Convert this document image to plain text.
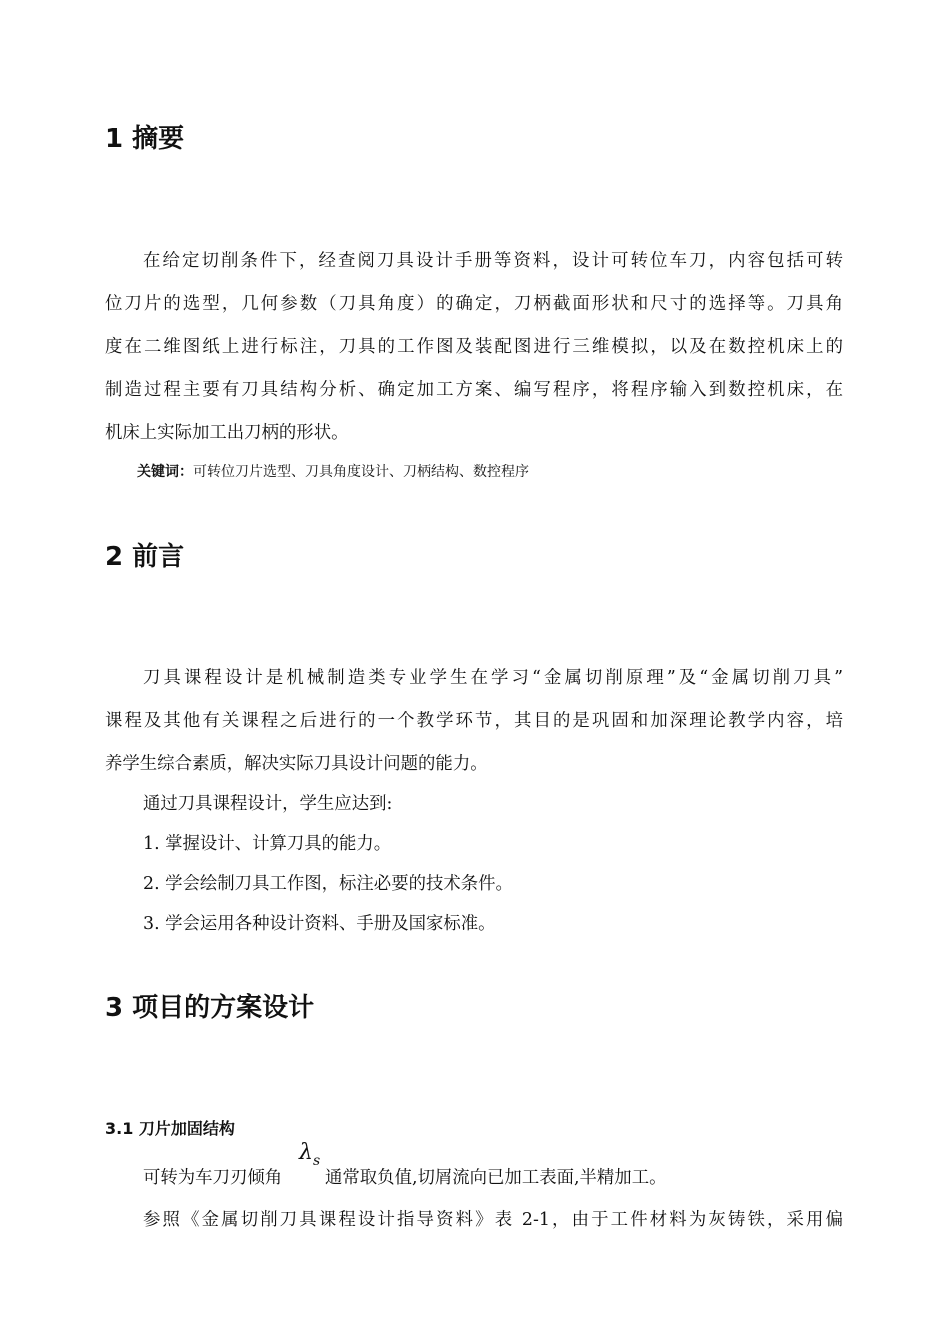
1 摘要
在给定切削条件下，经查阅刀具设计手册等资料，设计可转位车刀，内容包括可转
位刀片的选型，几何参数（刀具角度）的确定，刀柄截面形状和尺寸的选择等。刀具角
度在二维图纸上进行标注，刀具的工作图及装配图进行三维模拟，以及在数控机床上的
制造过程主要有刀具结构分析、确定加工方案、编写程序，将程序输入到数控机床，在
机床上实际加工出刀柄的形状。
关键词：可转位刀片选型、刀具角度设计、刀柄结构、数控程序
2 前言
刀具课程设计是机械制造类专业学生在学习“金属切削原理”及“金属切削刀具”
课程及其他有关课程之后进行的一个教学环节，其目的是巩固和加深理论教学内容，培
养学生综合素质，解决实际刀具设计问题的能力。
通过刀具课程设计，学生应达到:
1. 掌握设计、计算刀具的能力。
2. 学会绘制刀具工作图，标注必要的技术条件。
3. 学会运用各种设计资料、手册及国家标准。
3 项目的方案设计
3.1 刀片加固结构
$\lambda_s$
可转为车刀刃倾角 通常取负值,切屑流向已加工表面,半精加工。
参照《金属切削刀具课程设计指导资料》表 2-1，由于工件材料为灰铸铁，采用偏
